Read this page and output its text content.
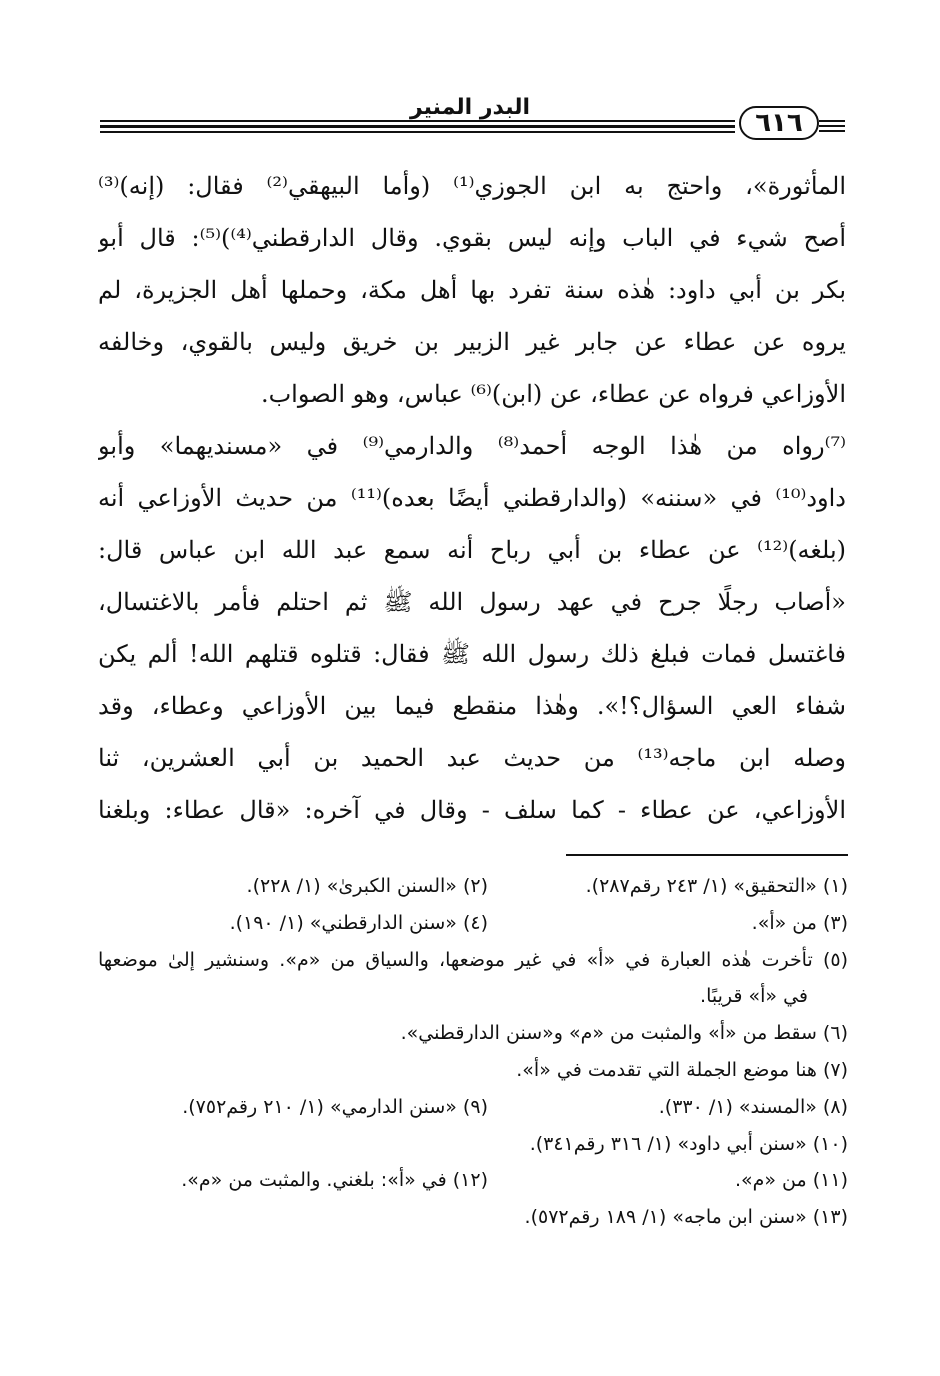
٦١٦
البدر المنير
المأثورة»، واحتج به ابن الجوزي⁽¹⁾ (وأما البيهقي⁽²⁾ فقال: (إنه)⁽³⁾
أصح شيء في الباب وإنه ليس بقوي. وقال الدارقطني⁽⁴⁾)⁽⁵⁾: قال أبو
بكر بن أبي داود: هٰذه سنة تفرد بها أهل مكة، وحملها أهل الجزيرة، لم
يروه عن عطاء عن جابر غير الزبير بن خريق وليس بالقوي، وخالفه
الأوزاعي فرواه عن عطاء، عن (ابن)⁽⁶⁾ عباس، وهو الصواب.
⁽⁷⁾رواه من هٰذا الوجه أحمد⁽⁸⁾ والدارمي⁽⁹⁾ في «مسنديهما» وأبو
داود⁽¹⁰⁾ في «سننه» (والدارقطني أيضًا بعده)⁽¹¹⁾ من حديث الأوزاعي أنه
(بلغه)⁽¹²⁾ عن عطاء بن أبي رباح أنه سمع عبد الله ابن عباس قال:
«أصاب رجلًا جرح في عهد رسول الله ﷺ ثم احتلم فأمر بالاغتسال،
فاغتسل فمات فبلغ ذلك رسول الله ﷺ فقال: قتلوه قتلهم الله! ألم يكن
شفاء العي السؤال؟!». وهٰذا منقطع فيما بين الأوزاعي وعطاء، وقد
وصله ابن ماجه⁽¹³⁾ من حديث عبد الحميد بن أبي العشرين، ثنا
الأوزاعي، عن عطاء - كما سلف - وقال في آخره: «قال عطاء: وبلغنا
(١) «التحقيق» (١/ ٢٤٣ رقم٢٨٧).
(٢) «السنن الكبرىٰ» (١/ ٢٢٨).
(٣) من «أ».
(٤) «سنن الدارقطني» (١/ ١٩٠).
(٥) تأخرت هٰذه العبارة في «أ» في غير موضعها، والسياق من «م». وسنشير إلىٰ موضعها
في «أ» قريبًا.
(٦) سقط من «أ» والمثبت من «م» و«سنن الدارقطني».
(٧) هنا موضع الجملة التي تقدمت في «أ».
(٨) «المسند» (١/ ٣٣٠).
(٩) «سنن الدارمي» (١/ ٢١٠ رقم٧٥٢).
(١٠) «سنن أبي داود» (١/ ٣١٦ رقم٣٤١).
(١١) من «م».
(١٢) في «أ»: بلغني. والمثبت من «م».
(١٣) «سنن ابن ماجه» (١/ ١٨٩ رقم٥٧٢).
